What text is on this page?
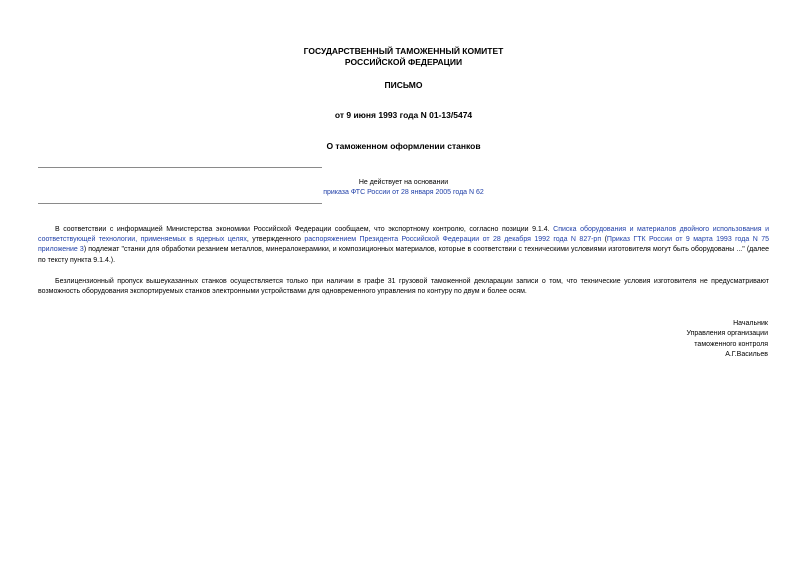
ГОСУДАРСТВЕННЫЙ ТАМОЖЕННЫЙ КОМИТЕТ
РОССИЙСКОЙ ФЕДЕРАЦИИ
ПИСЬМО
от 9 июня 1993 года N 01-13/5474
О таможенном оформлении станков
Не действует на основании
приказа ФТС России от 28 января 2005 года N 62

В соответствии с информацией Министерства экономики Российской Федерации сообщаем, что экспортному контролю, согласно позиции 9.1.4. Списка оборудования и материалов двойного использования и соответствующей технологии, применяемых в ядерных целях, утвержденного распоряжением Президента Российской Федерации от 28 декабря 1992 года N 827-рп (Приказ ГТК России от 9 марта 1993 года N 75 приложение 3) подлежат "станки для обработки резанием металлов, минералокерамики, и композиционных материалов, которые в соответствии с техническими условиями изготовителя могут быть оборудованы ..." (далее по тексту пункта 9.1.4.).

Безлицензионный пропуск вышеуказанных станков осуществляется только при наличии в графе 31 грузовой таможенной декларации записи о том, что технические условия изготовителя не предусматривают возможность оборудования экспортируемых станков электронными устройствами для одновременного управления по контуру по двум и более осям.

Начальник
Управления организации
таможенного контроля
А.Г.Васильев
